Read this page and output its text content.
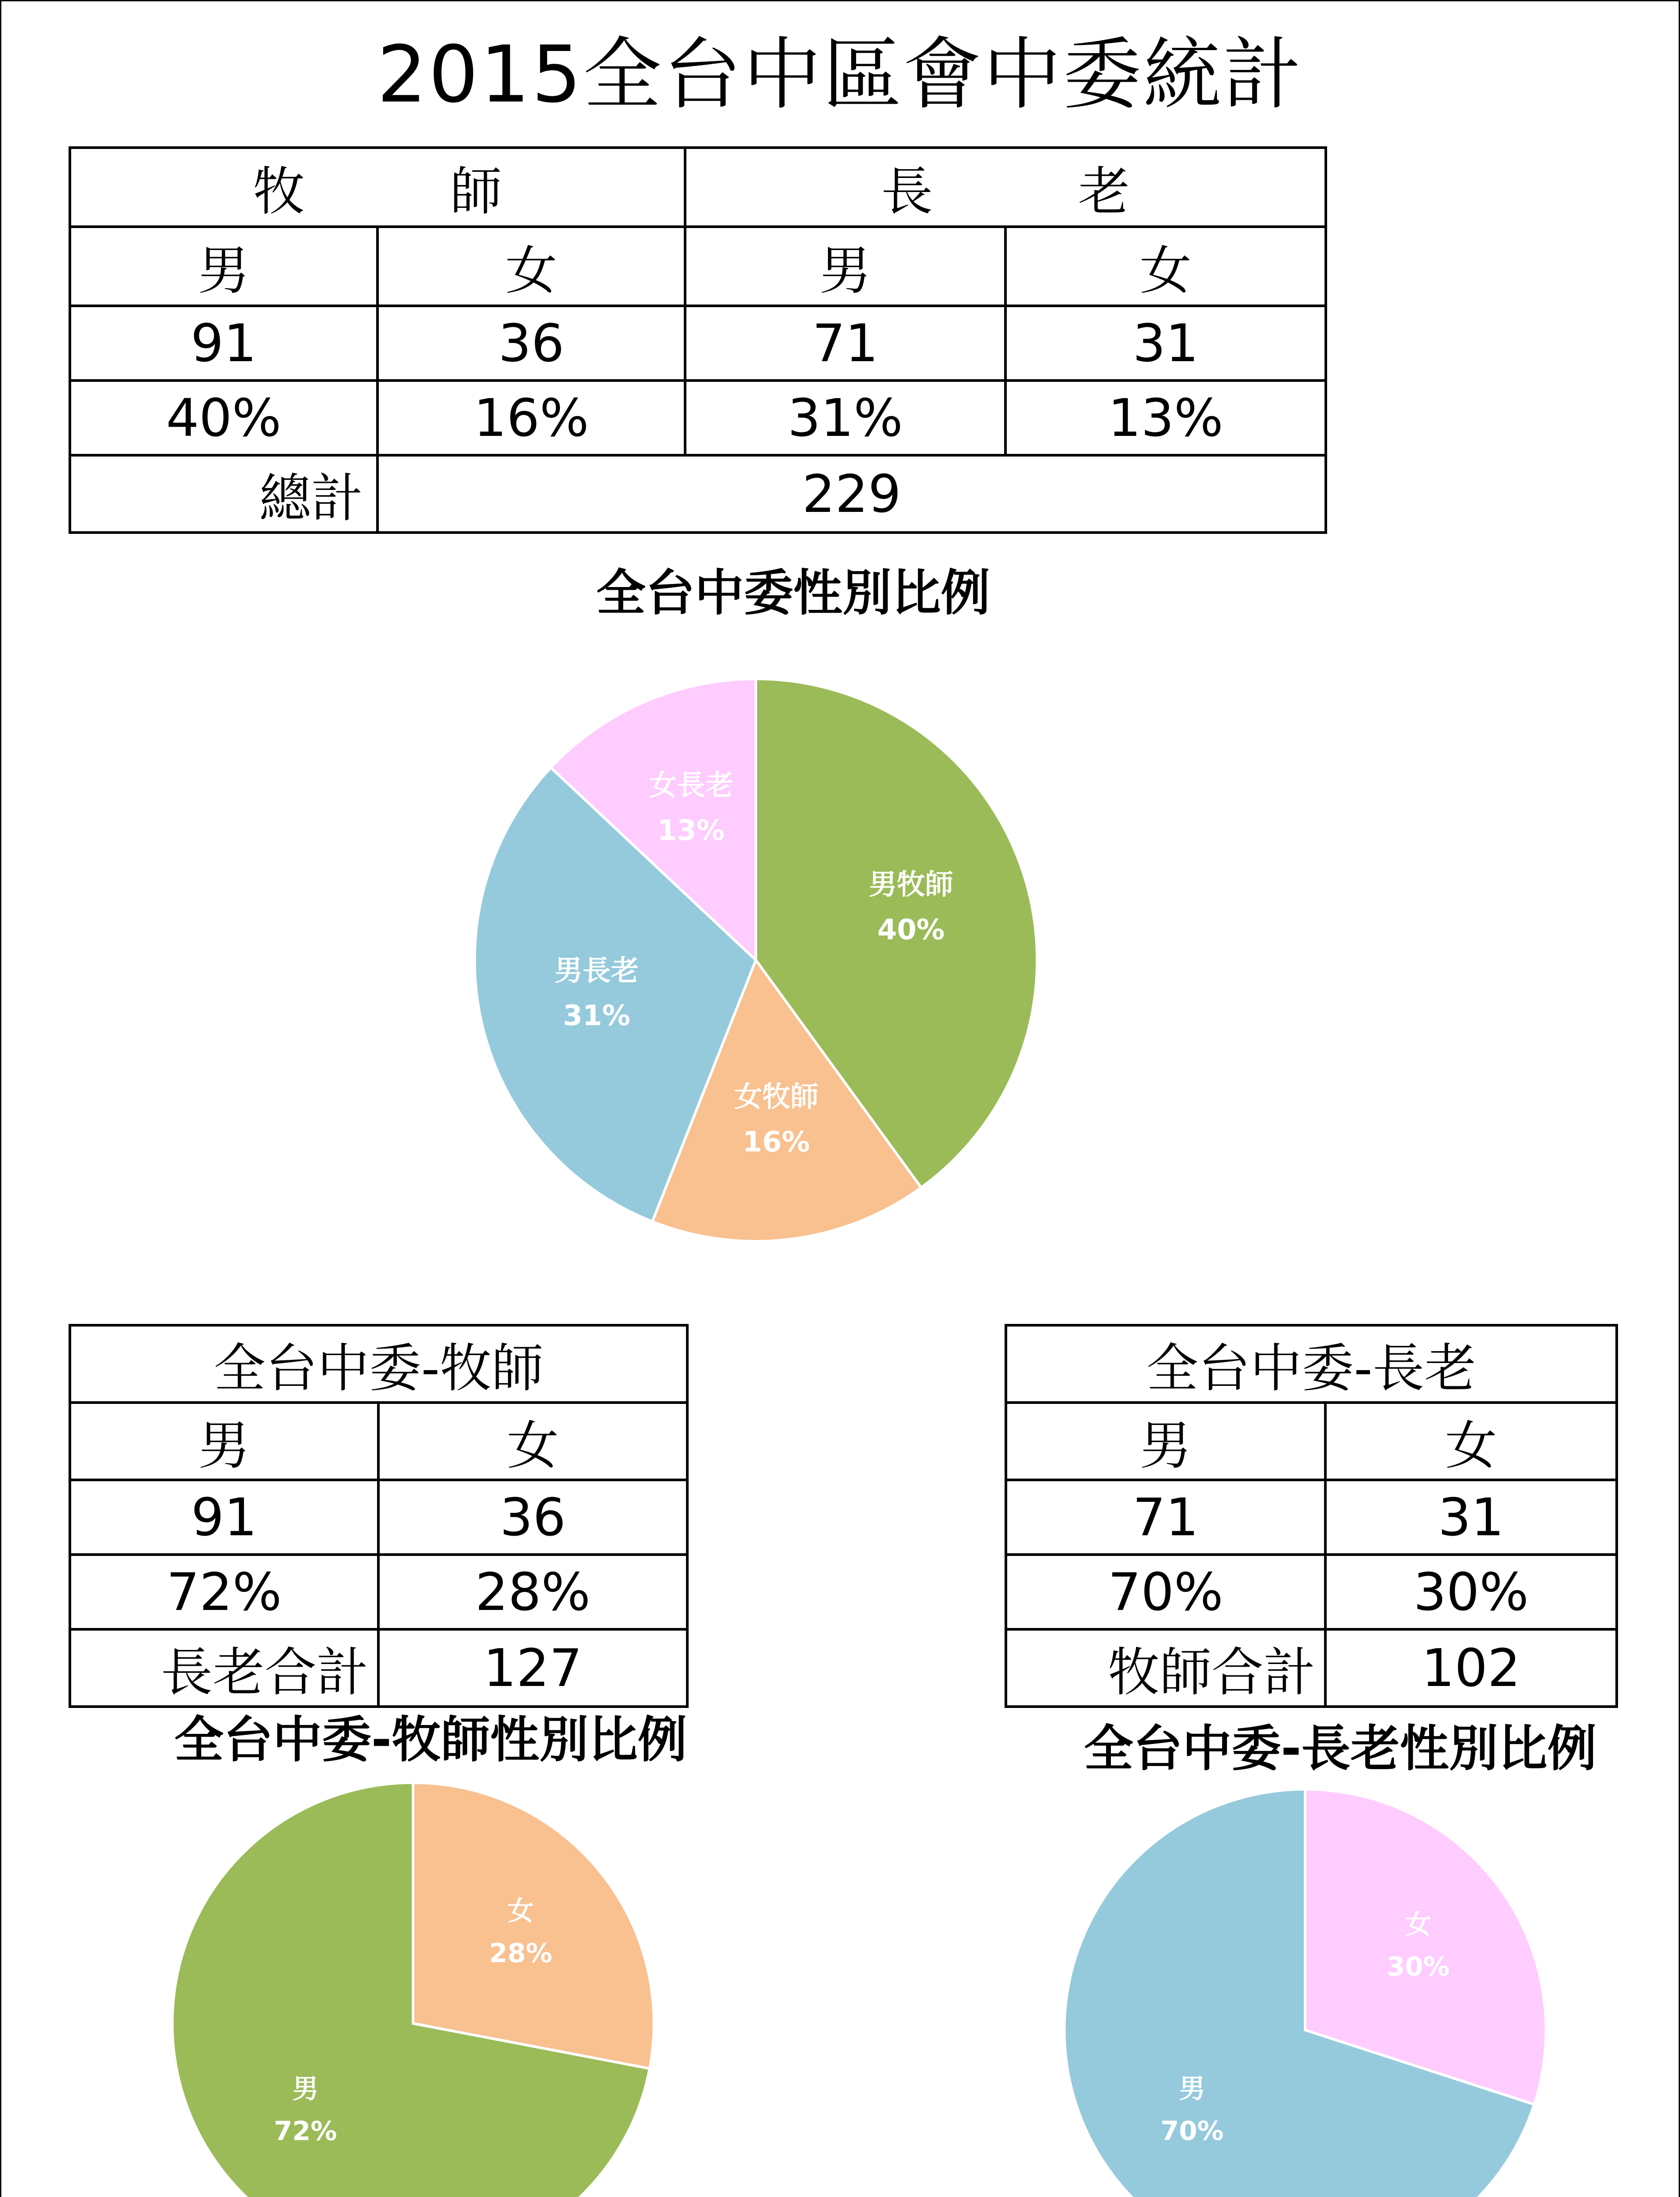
2015全台中區會中委統計
牧　師		長　老	
男	女	男	女
91	36	71	31
40%	16%	31%	13%
總計	229		
全台中委性別比例
男牧師
40%
女牧師
16%
男長老
31%
女長老
13%
全台中委-牧師	
男	女
91	36
72%	28%
長老合計	127
全台中委-長老	
男	女
71	31
70%	30%
牧師合計	102
全台中委-牧師性別比例
女
28%
男
72%
全台中委-長老性別比例
女
30%
男
70%
